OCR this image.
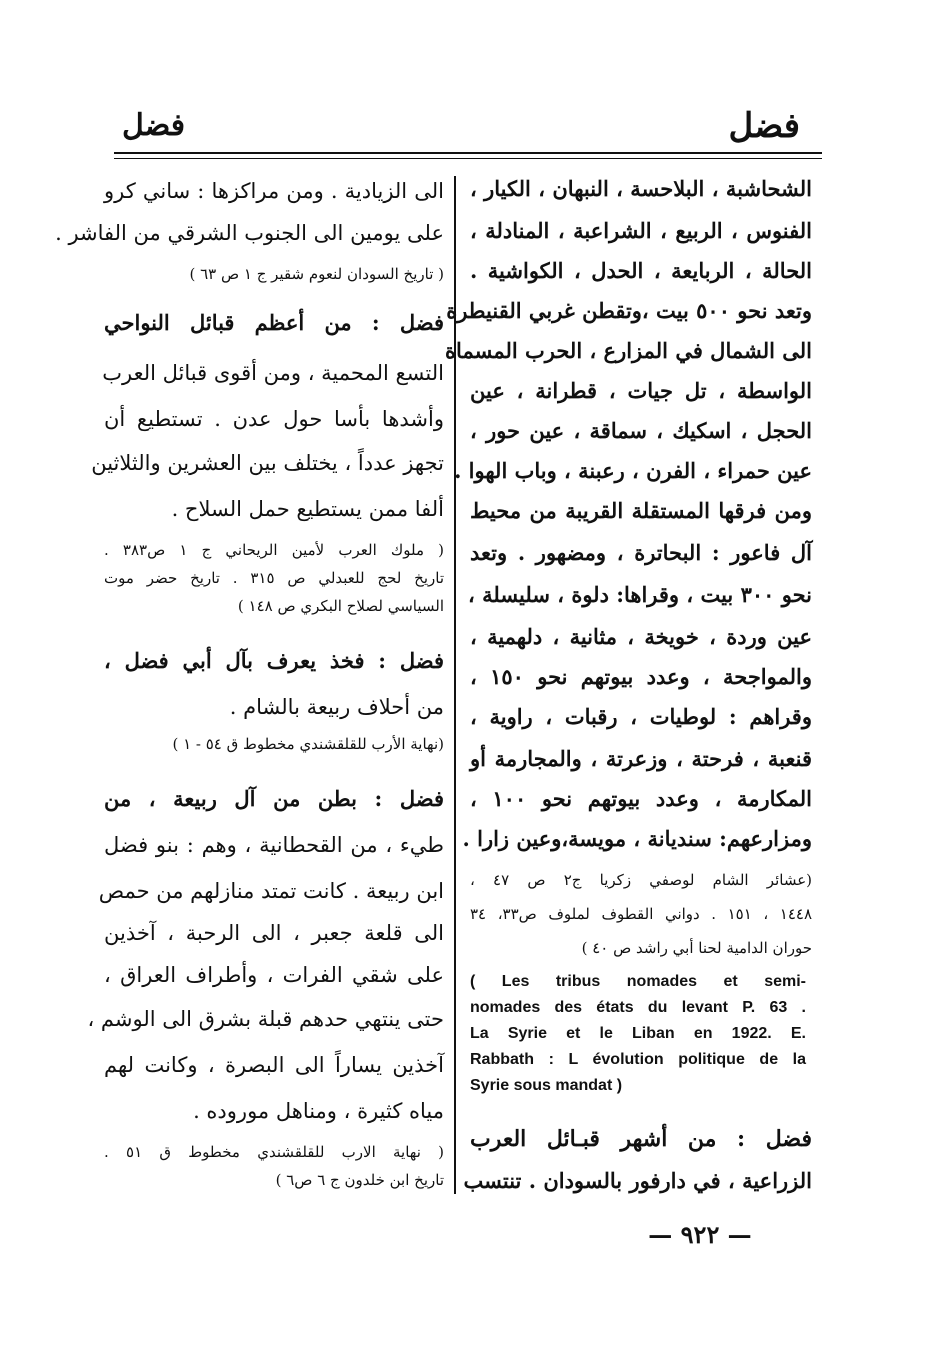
فضل
فضل
الشحاشبة ، البلاحسة ، النبهان ، الكيار ،
الفنوس ، الربيع ، الشراعبة ، المنادلة ،
الحالة ، الربايعة ، الحدل ، الكواشية .
وتعد نحو ٥٠٠ بيت ،وتقطن غربي القنيطرة
الى الشمال في المزارع ، الحرب المسماة
الواسطة ، تل جيات ، قطرانة ، عين
الحجل ، اسكيك ، سماقة ، عين حور ،
عين حمراء ، الفرن ، رعبنة ، وباب الهوا .
ومن فرقها المستقلة القريبة من محيط
آل فاعور : البحاترة ، ومضهور . وتعد
نحو ٣٠٠ بيت ، وقراها: دلوة ، سليسلة ،
عين وردة ، خويخة ، مثانية ، دلهمية ،
والمواجحة ، وعدد بيوتهم نحو ١٥٠ ،
وقراهم : لوطيات ، رقبات ، راوية ،
قنعبة ، فرحتة ، وزعرتة ، والمجارمة أو
المكارمة ، وعدد بيوتهم نحو ١٠٠ ،
ومزارعهم: سنديانة ، مويسة،وعين زارا .
(عشائر الشام لوصفي زكريا ج٢ ص ٤٧ ،
١٤٤٨ ، ١٥١ . دواني القطوف لملوف ص٣٣، ٣٤
حوران الدامية لحنا أبي راشد ص ٤٠ )
( Les tribus nomades et semi-
nomades des états du levant P. 63 .
La Syrie et le Liban en 1922. E.
Rabbath : L évolution politique de la
Syrie sous mandat )
فضل : من أشهر قبـائل العرب
الزراعية ، في دارفور بالسودان . تنتسب
الى الزيادية . ومن مراكزها : ساني كرو
على يومين الى الجنوب الشرقي من الفاشر .
( تاريخ السودان لنعوم شقير ج ١ ص ٦٣ )
فضل : من أعظم قبائل النواحي
التسع المحمية ، ومن أقوى قبائل العرب
وأشدها بأسا حول عدن . تستطيع أن
تجهز عدداً ، يختلف بين العشرين والثلاثين
ألفا ممن يستطيع حمل السلاح .
( ملوك العرب لأمين الريحاني ج ١ ص٣٨٣ .
تاريخ لحج للعبدلي ص ٣١٥ . تاريخ حضر موت
السياسي لصلاح البكري ص ١٤٨ )
فضل : فخذ يعرف بآل أبي فضل ،
من أحلاف ربيعة بالشام .
(نهاية الأرب للقلقشندي مخطوط ق ٥٤ - ١ )
فضل : بطن من آل ربيعة ، من
طيء ، من القحطانية ، وهم : بنو فضل
ابن ربيعة . كانت تمتد منازلهم من حمص
الى قلعة جعبر ، الى الرحبة ، آخذين
على شقي الفرات ، وأطراف العراق ،
حتى ينتهي حدهم قبلة بشرق الى الوشم ،
آخذين يساراً الى البصرة ، وكانت لهم
مياه كثيرة ، ومناهل موروده .
( نهاية الارب للقلقشندي مخطوط ق ٥١ .
تاريخ ابن خلدون ج ٦ ص٦ )
— ٩٢٢ —
